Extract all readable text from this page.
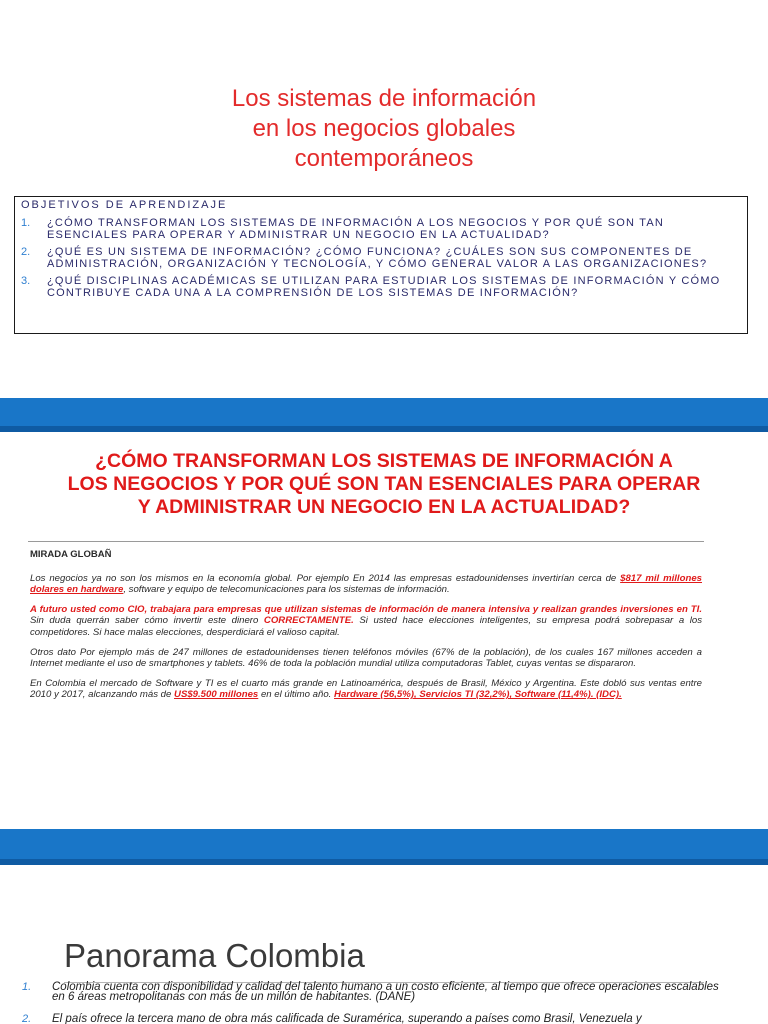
Los sistemas de información
en los negocios globales
contemporáneos
OBJETIVOS DE APRENDIZAJE
1.	¿CÓMO TRANSFORMAN LOS SISTEMAS DE INFORMACIÓN A LOS NEGOCIOS Y POR QUÉ SON TAN ESENCIALES PARA OPERAR Y ADMINISTRAR UN NEGOCIO EN LA ACTUALIDAD?
2.	¿QUÉ ES UN SISTEMA DE INFORMACIÓN? ¿CÓMO FUNCIONA? ¿CUÁLES SON SUS COMPONENTES DE ADMINISTRACIÓN, ORGANIZACIÓN Y TECNOLOGÍA, Y CÓMO GENERAL VALOR A LAS ORGANIZACIONES?
3.	¿QUÉ DISCIPLINAS ACADÉMICAS SE UTILIZAN PARA ESTUDIAR LOS SISTEMAS DE INFORMACIÓN Y CÓMO CONTRIBUYE CADA UNA A LA COMPRENSIÓN DE LOS SISTEMAS DE INFORMACIÓN?
¿CÓMO TRANSFORMAN LOS SISTEMAS DE INFORMACIÓN A
LOS NEGOCIOS Y POR QUÉ SON TAN ESENCIALES PARA OPERAR
Y ADMINISTRAR UN NEGOCIO EN LA ACTUALIDAD?

MIRADA GLOBAÑ

Los negocios ya no son los mismos en la economía global. Por ejemplo En 2014 las empresas estadounidenses invertirían cerca de $817 mil millones dolares en hardware, software y equipo de telecomunicaciones para los sistemas de información.

A futuro usted como CIO, trabajara para empresas que utilizan sistemas de información de manera intensiva y realizan grandes inversiones en TI. Sin duda querrán saber cómo invertir este dinero CORRECTAMENTE. Si usted hace elecciones inteligentes, su empresa podrá sobrepasar a los competidores. Si hace malas elecciones, desperdiciará el valioso capital.

Otros dato Por ejemplo más de 247 millones de estadounidenses tienen teléfonos móviles (67% de la población), de los cuales 167 millones acceden a Internet mediante el uso de smartphones y tablets. 46% de toda la población mundial utiliza computadoras Tablet, cuyas ventas se dispararon.

En Colombia el mercado de Software y TI es el cuarto más grande en Latinoamérica, después de Brasil, México y Argentina. Este dobló sus ventas entre 2010 y 2017, alcanzando más de US$9.500 millones en el último año. Hardware (56,5%), Servicios TI (32,2%), Software (11,4%). (IDC).

Panorama Colombia
1.	Colombia cuenta con disponibilidad y calidad del talento humano a un costo eficiente, al tiempo que ofrece operaciones escalables en 6 áreas metropolitanas con más de un millón de habitantes. (DANE)
2.	El país ofrece la tercera mano de obra más calificada de Suramérica, superando a países como Brasil, Venezuela y
